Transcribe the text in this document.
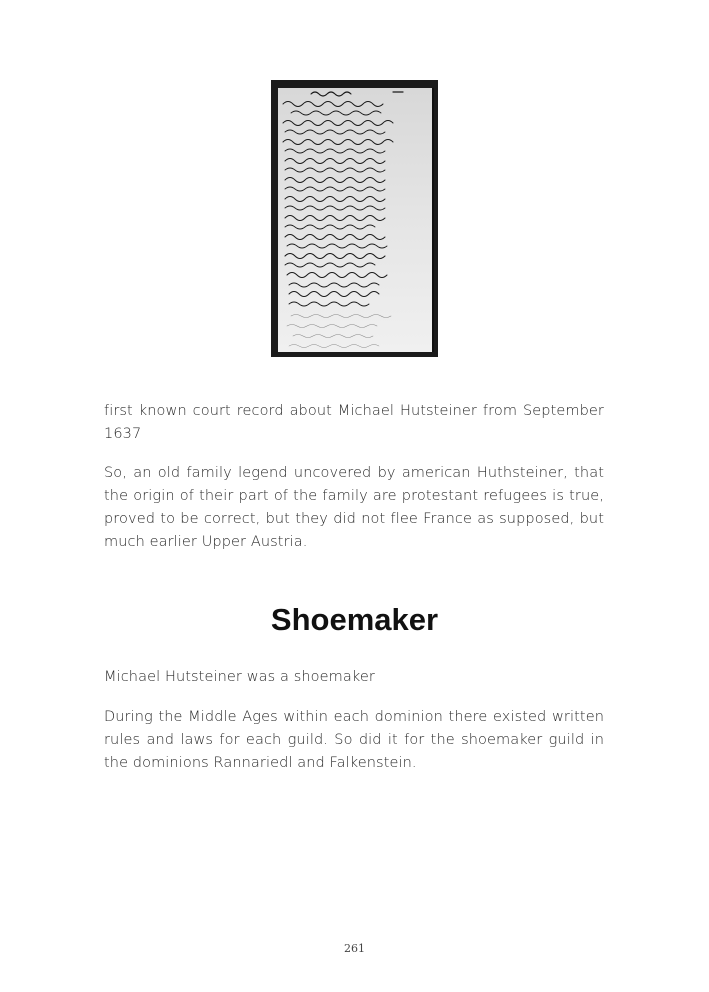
first known court record about Michael Hutsteiner from September 1637

So, an old family legend uncovered by american Huthsteiner, that the origin of their part of the family are protestant refugees is true, proved to be correct, but they did not flee France as supposed, but much earlier Upper Austria.

Shoemaker

Michael Hutsteiner was a shoemaker

During the Middle Ages within each dominion there existed written rules and laws for each guild. So did it for the shoemaker guild in the dominions Rannariedl and Falkenstein.

261
